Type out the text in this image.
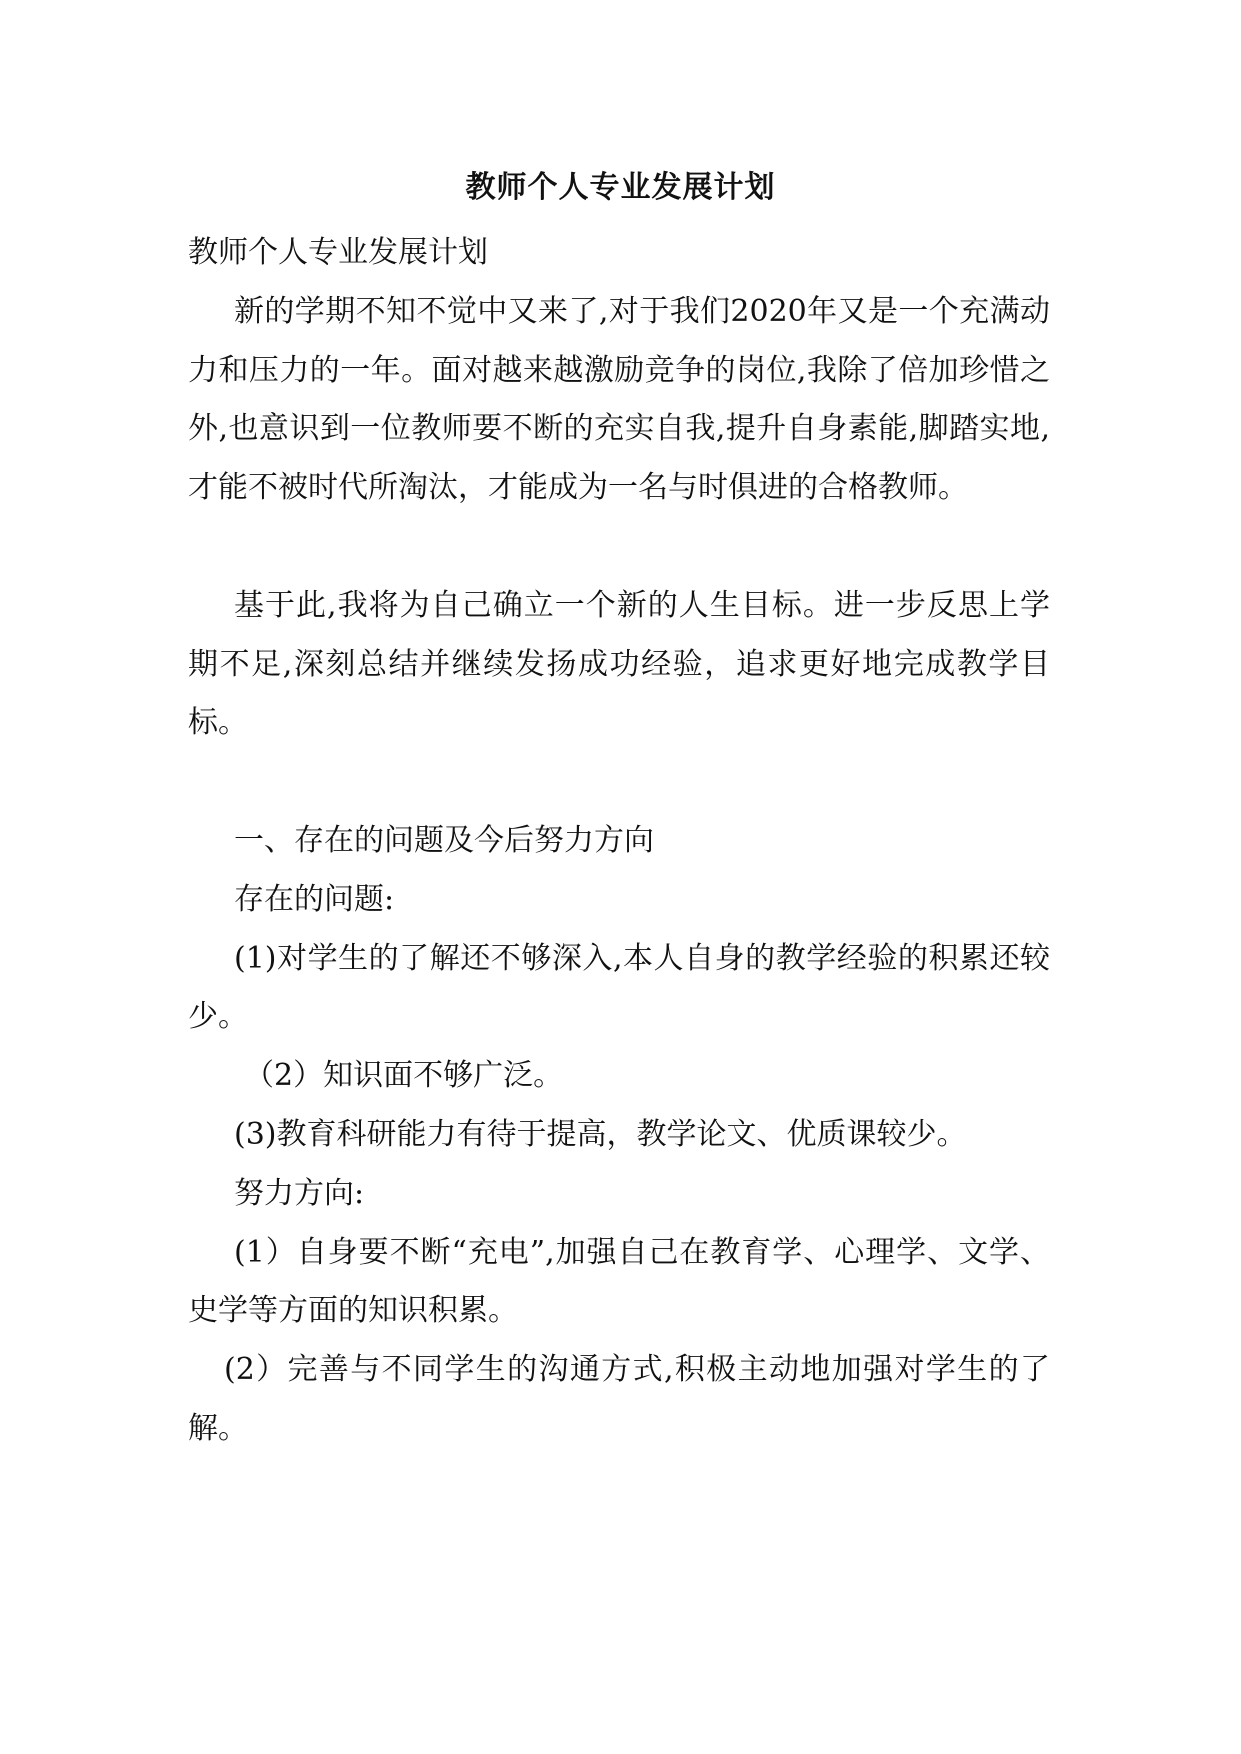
教师个人专业发展计划

教师个人专业发展计划

新的学期不知不觉中又来了,对于我们2020年又是一个充满动力和压力的一年。面对越来越激励竞争的岗位,我除了倍加珍惜之外,也意识到一位教师要不断的充实自我,提升自身素能,脚踏实地,才能不被时代所淘汰，才能成为一名与时俱进的合格教师。

基于此,我将为自己确立一个新的人生目标。进一步反思上学期不足,深刻总结并继续发扬成功经验，追求更好地完成教学目标。

一、存在的问题及今后努力方向

存在的问题:

(1)对学生的了解还不够深入,本人自身的教学经验的积累还较少。

（2）知识面不够广泛。

(3)教育科研能力有待于提高，教学论文、优质课较少。

努力方向:

(1）自身要不断“充电”,加强自己在教育学、心理学、文学、史学等方面的知识积累。

(2）完善与不同学生的沟通方式,积极主动地加强对学生的了解。
